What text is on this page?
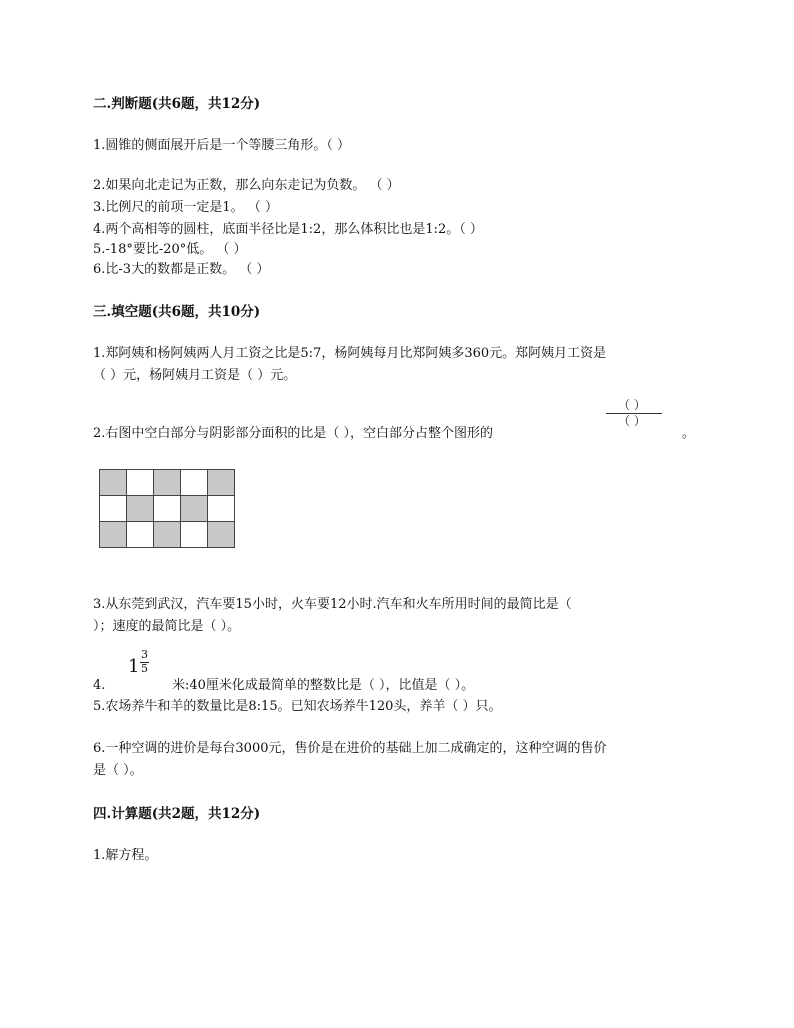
二.判断题(共6题，共12分)
1.圆锥的侧面展开后是一个等腰三角形。（ ）
2.如果向北走记为正数，那么向东走记为负数。 （ ）
3.比例尺的前项一定是1。 （ ）
4.两个高相等的圆柱，底面半径比是1:2，那么体积比也是1:2。（ ）
5.-18°要比-20°低。 （ ）
6.比-3大的数都是正数。 （ ）
三.填空题(共6题，共10分)
1.郑阿姨和杨阿姨两人月工资之比是5:7，杨阿姨每月比郑阿姨多360元。郑阿姨月工资是
（ ）元，杨阿姨月工资是（ ）元。
2.右图中空白部分与阴影部分面积的比是（ ），空白部分占整个图形的
（ ）
（ ）
。

3.从东莞到武汉，汽车要15小时，火车要12小时.汽车和火车所用时间的最简比是（
）；速度的最简比是（ ）。
1
3
5
4.	米:40厘米化成最简单的整数比是（ ），比值是（ ）。
5.农场养牛和羊的数量比是8:15。已知农场养牛120头，养羊（ ）只。
6.一种空调的进价是每台3000元，售价是在进价的基础上加二成确定的，这种空调的售价
是（ ）。
四.计算题(共2题，共12分)
1.解方程。
